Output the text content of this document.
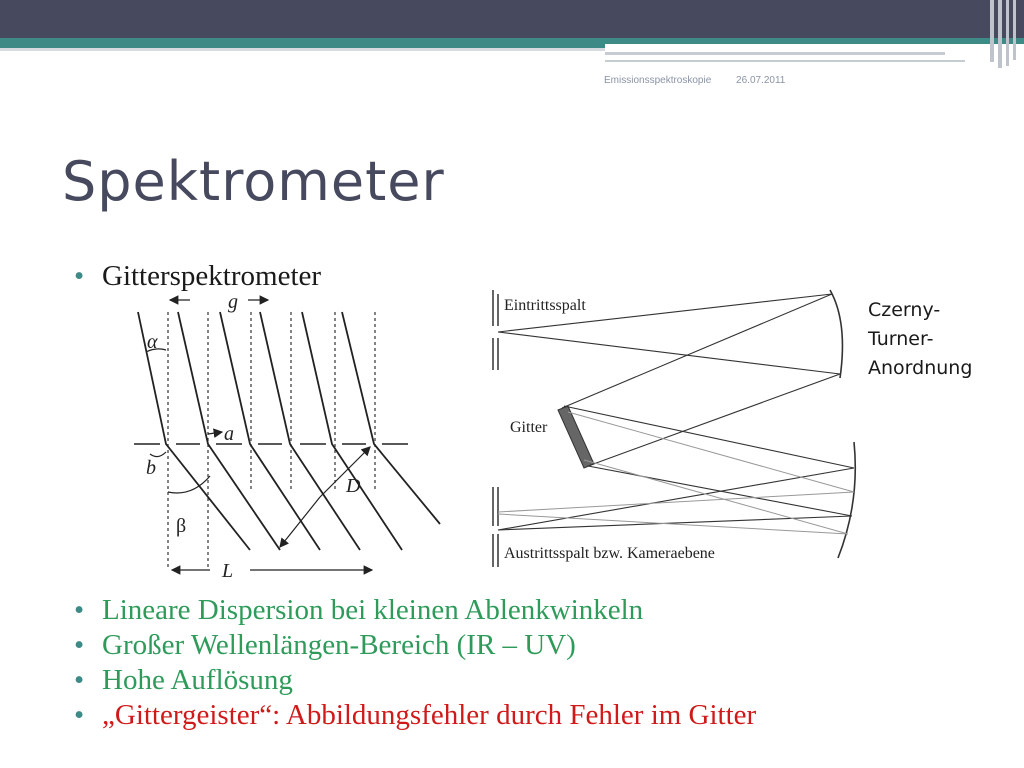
Emissionsspektroskopie 26.07.2011
Spektrometer
• Gitterspektrometer
g
α
a
b
D
β
L
Eintrittsspalt
Austrittsspalt bzw. Kameraebene
Gitter
Czerny-
Turner-
Anordnung
• Lineare Dispersion bei kleinen Ablenkwinkeln
• Großer Wellenlängen-Bereich (IR – UV)
• Hohe Auflösung
• „Gittergeister“: Abbildungsfehler durch Fehler im Gitter
